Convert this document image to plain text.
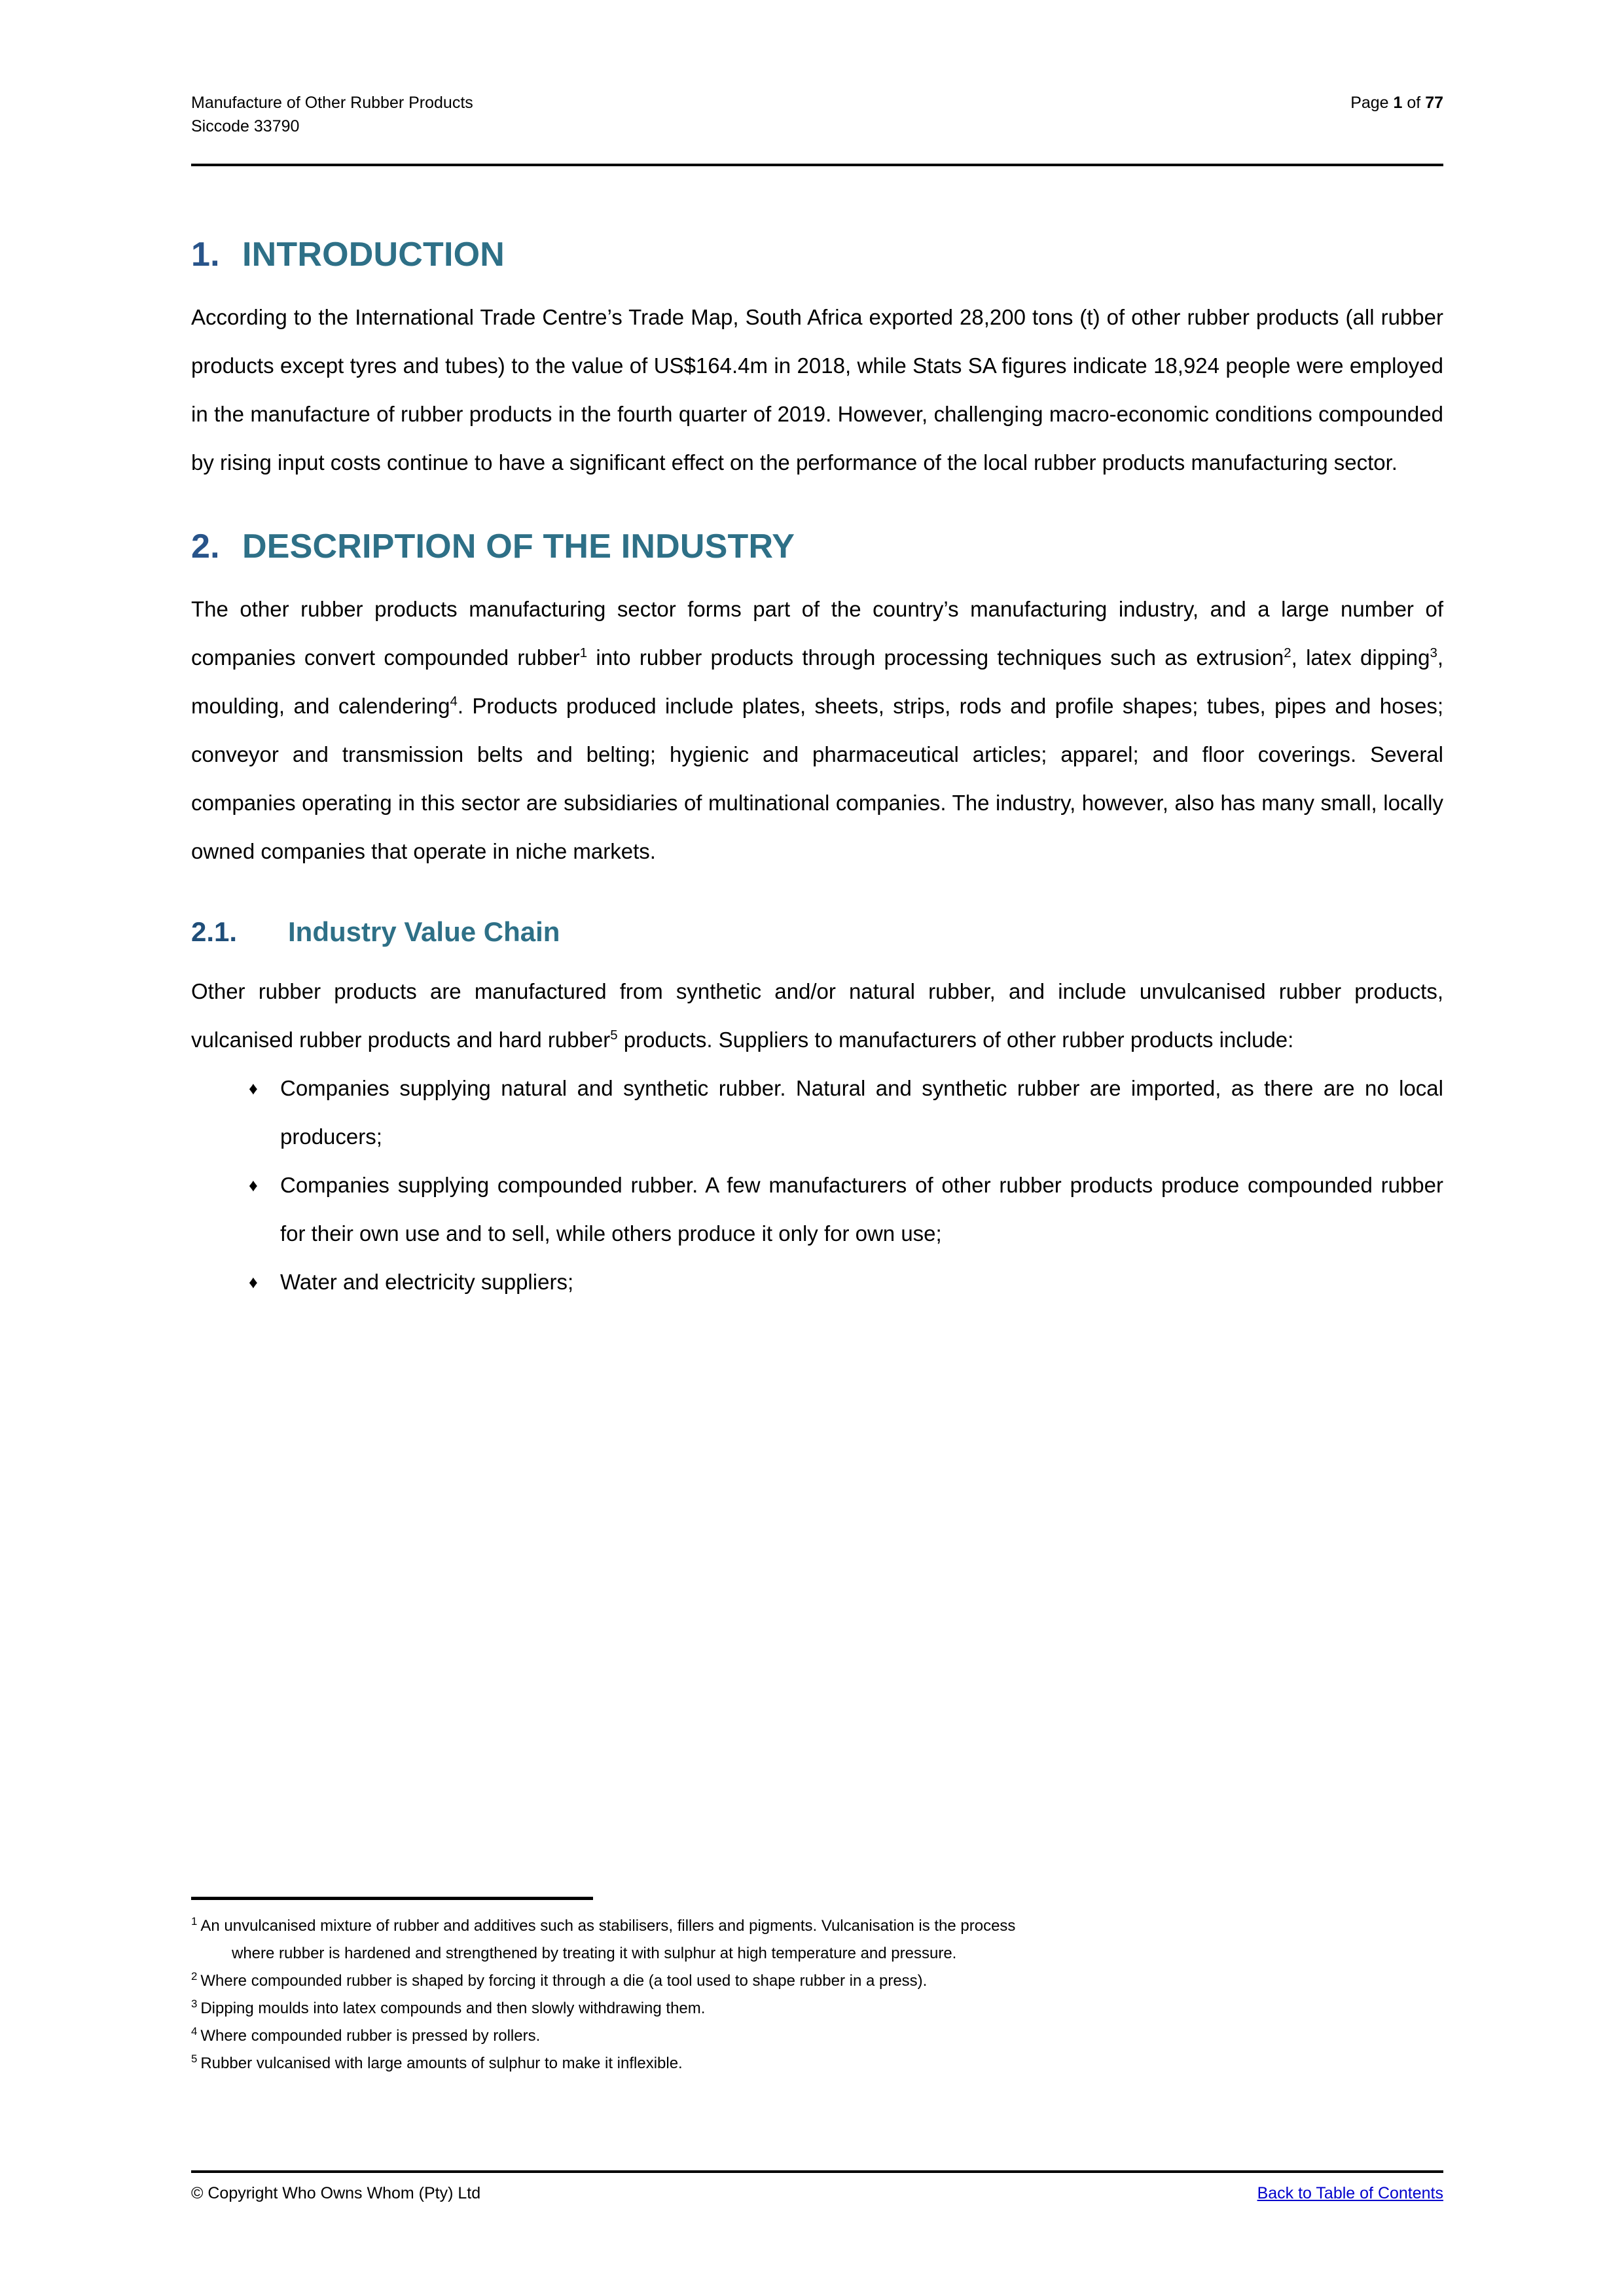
Manufacture of Other Rubber Products
Siccode 33790
Page 1 of 77
1. INTRODUCTION

According to the International Trade Centre’s Trade Map, South Africa exported 28,200 tons (t) of other rubber products (all rubber products except tyres and tubes) to the value of US$164.4m in 2018, while Stats SA figures indicate 18,924 people were employed in the manufacture of rubber products in the fourth quarter of 2019. However, challenging macro-economic conditions compounded by rising input costs continue to have a significant effect on the performance of the local rubber products manufacturing sector.

2. DESCRIPTION OF THE INDUSTRY

The other rubber products manufacturing sector forms part of the country’s manufacturing industry, and a large number of companies convert compounded rubber$^1$ into rubber products through processing techniques such as extrusion$^2$, latex dipping$^3$, moulding, and calendering$^4$. Products produced include plates, sheets, strips, rods and profile shapes; tubes, pipes and hoses; conveyor and transmission belts and belting; hygienic and pharmaceutical articles; apparel; and floor coverings. Several companies operating in this sector are subsidiaries of multinational companies. The industry, however, also has many small, locally owned companies that operate in niche markets.

2.1.	Industry Value Chain

Other rubber products are manufactured from synthetic and/or natural rubber, and include unvulcanised rubber products, vulcanised rubber products and hard rubber$^5$ products. Suppliers to manufacturers of other rubber products include:

♦ Companies supplying natural and synthetic rubber. Natural and synthetic rubber are imported, as there are no local producers;
♦ Companies supplying compounded rubber. A few manufacturers of other rubber products produce compounded rubber for their own use and to sell, while others produce it only for own use;
♦ Water and electricity suppliers;
$^1$ An unvulcanised mixture of rubber and additives such as stabilisers, fillers and pigments. Vulcanisation is the process
where rubber is hardened and strengthened by treating it with sulphur at high temperature and pressure.
$^2$ Where compounded rubber is shaped by forcing it through a die (a tool used to shape rubber in a press).
$^3$ Dipping moulds into latex compounds and then slowly withdrawing them.
$^4$ Where compounded rubber is pressed by rollers.
$^5$ Rubber vulcanised with large amounts of sulphur to make it inflexible.
© Copyright Who Owns Whom (Pty) Ltd	Back to Table of Contents
